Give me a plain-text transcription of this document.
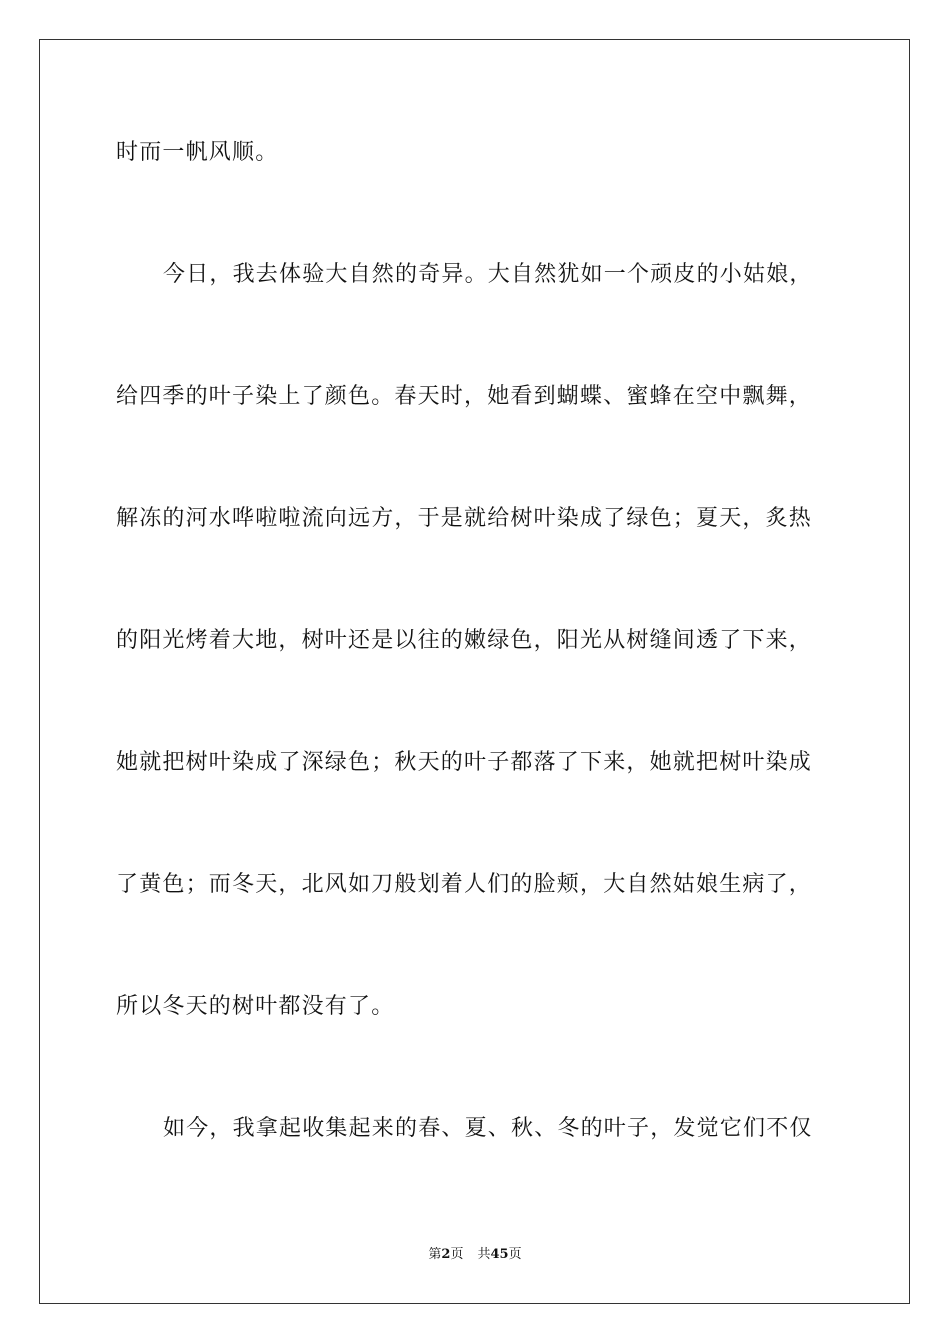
时而一帆风顺。
今日，我去体验大自然的奇异。大自然犹如一个顽皮的小姑娘，
给四季的叶子染上了颜色。春天时，她看到蝴蝶、蜜蜂在空中飘舞，
解冻的河水哗啦啦流向远方，于是就给树叶染成了绿色；夏天，炙热
的阳光烤着大地，树叶还是以往的嫩绿色，阳光从树缝间透了下来，
她就把树叶染成了深绿色；秋天的叶子都落了下来，她就把树叶染成
了黄色；而冬天，北风如刀般划着人们的脸颊，大自然姑娘生病了，
所以冬天的树叶都没有了。
如今，我拿起收集起来的春、夏、秋、冬的叶子，发觉它们不仅
第2页 共45页
